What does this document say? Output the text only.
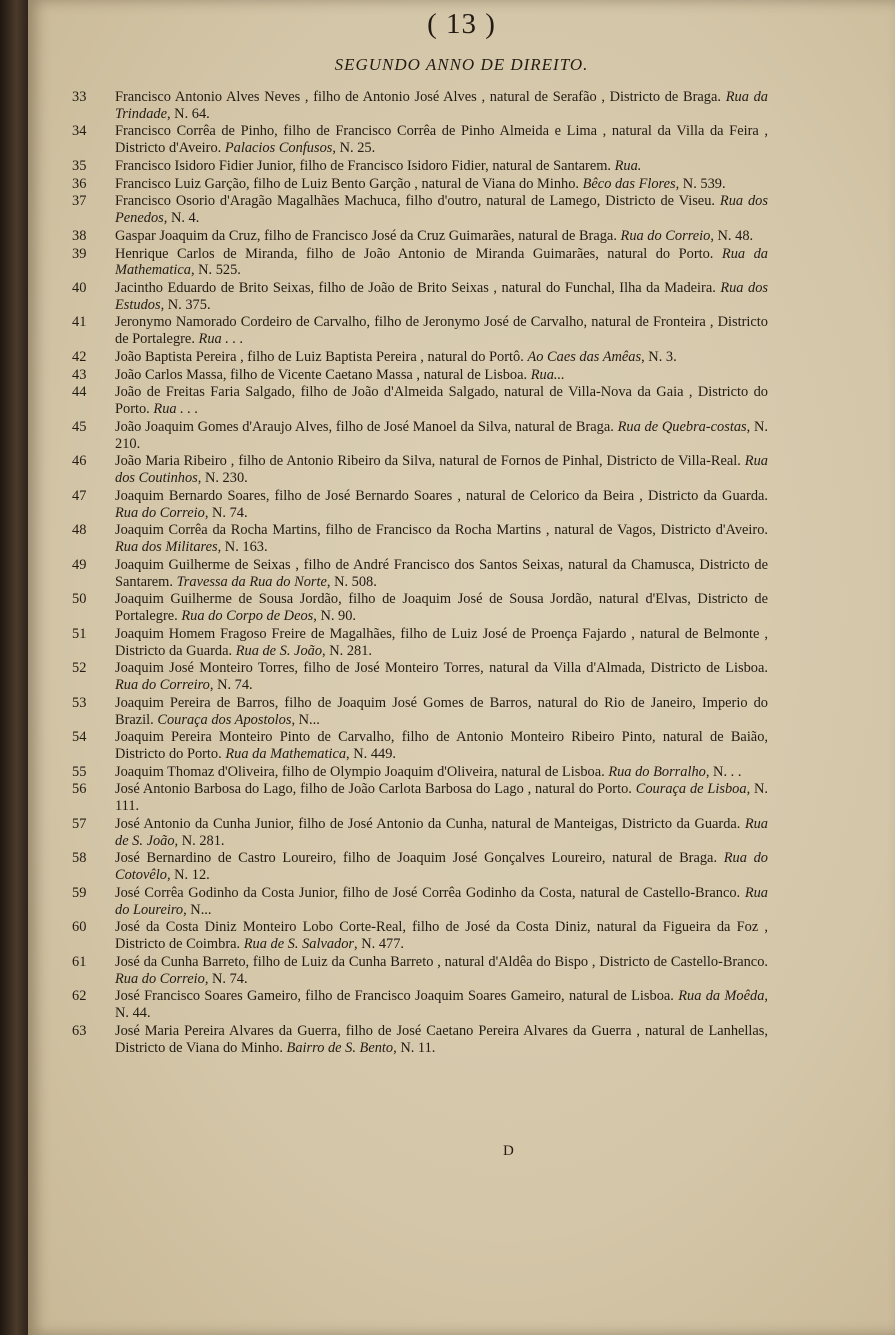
( 13 )
SEGUNDO ANNO DE DIREITO.
33	Francisco Antonio Alves Neves , filho de Antonio José Alves , natural de Serafão , Districto de Braga. Rua da Trindade, N. 64.
34	Francisco Corrêa de Pinho, filho de Francisco Corrêa de Pinho Almeida e Lima , natural da Villa da Feira , Districto d'Aveiro. Palacios Confusos, N. 25.
35	Francisco Isidoro Fidier Junior, filho de Francisco Isidoro Fidier, natural de Santarem. Rua.
36	Francisco Luiz Garção, filho de Luiz Bento Garção , natural de Viana do Minho. Bêco das Flores, N. 539.
37	Francisco Osorio d'Aragão Magalhães Machuca, filho d'outro, natural de Lamego, Districto de Viseu. Rua dos Penedos, N. 4.
38	Gaspar Joaquim da Cruz, filho de Francisco José da Cruz Guimarães, natural de Braga. Rua do Correio, N. 48.
39	Henrique Carlos de Miranda, filho de João Antonio de Miranda Guimarães, natural do Porto. Rua da Mathematica, N. 525.
40	Jacintho Eduardo de Brito Seixas, filho de João de Brito Seixas , natural do Funchal, Ilha da Madeira. Rua dos Estudos, N. 375.
41	Jeronymo Namorado Cordeiro de Carvalho, filho de Jeronymo José de Carvalho, natural de Fronteira , Districto de Portalegre. Rua . . .
42	João Baptista Pereira , filho de Luiz Baptista Pereira , natural do Portô. Ao Caes das Amêas, N. 3.
43	João Carlos Massa, filho de Vicente Caetano Massa , natural de Lisboa. Rua...
44	João de Freitas Faria Salgado, filho de João d'Almeida Salgado, natural de Villa-Nova da Gaia , Districto do Porto. Rua . . .
45	João Joaquim Gomes d'Araujo Alves, filho de José Manoel da Silva, natural de Braga. Rua de Quebra-costas, N. 210.
46	João Maria Ribeiro , filho de Antonio Ribeiro da Silva, natural de Fornos de Pinhal, Districto de Villa-Real. Rua dos Coutinhos, N. 230.
47	Joaquim Bernardo Soares, filho de José Bernardo Soares , natural de Celorico da Beira , Districto da Guarda. Rua do Correio, N. 74.
48	Joaquim Corrêa da Rocha Martins, filho de Francisco da Rocha Martins , natural de Vagos, Districto d'Aveiro. Rua dos Militares, N. 163.
49	Joaquim Guilherme de Seixas , filho de André Francisco dos Santos Seixas, natural da Chamusca, Districto de Santarem. Travessa da Rua do Norte, N. 508.
50	Joaquim Guilherme de Sousa Jordão, filho de Joaquim José de Sousa Jordão, natural d'Elvas, Districto de Portalegre. Rua do Corpo de Deos, N. 90.
51	Joaquim Homem Fragoso Freire de Magalhães, filho de Luiz José de Proença Fajardo , natural de Belmonte , Districto da Guarda. Rua de S. João, N. 281.
52	Joaquim José Monteiro Torres, filho de José Monteiro Torres, natural da Villa d'Almada, Districto de Lisboa. Rua do Correiro, N. 74.
53	Joaquim Pereira de Barros, filho de Joaquim José Gomes de Barros, natural do Rio de Janeiro, Imperio do Brazil. Couraça dos Apostolos, N...
54	Joaquim Pereira Monteiro Pinto de Carvalho, filho de Antonio Monteiro Ribeiro Pinto, natural de Baião, Districto do Porto. Rua da Mathematica, N. 449.
55	Joaquim Thomaz d'Oliveira, filho de Olympio Joaquim d'Oliveira, natural de Lisboa. Rua do Borralho, N. . .
56	José Antonio Barbosa do Lago, filho de João Carlota Barbosa do Lago , natural do Porto. Couraça de Lisboa, N. 111.
57	José Antonio da Cunha Junior, filho de José Antonio da Cunha, natural de Manteigas, Districto da Guarda. Rua de S. João, N. 281.
58	José Bernardino de Castro Loureiro, filho de Joaquim José Gonçalves Loureiro, natural de Braga. Rua do Cotovêlo, N. 12.
59	José Corrêa Godinho da Costa Junior, filho de José Corrêa Godinho da Costa, natural de Castello-Branco. Rua do Loureiro, N...
60	José da Costa Diniz Monteiro Lobo Corte-Real, filho de José da Costa Diniz, natural da Figueira da Foz , Districto de Coimbra. Rua de S. Salvador, N. 477.
61	José da Cunha Barreto, filho de Luiz da Cunha Barreto , natural d'Aldêa do Bispo , Districto de Castello-Branco. Rua do Correio, N. 74.
62	José Francisco Soares Gameiro, filho de Francisco Joaquim Soares Gameiro, natural de Lisboa. Rua da Moêda, N. 44.
63	José Maria Pereira Alvares da Guerra, filho de José Caetano Pereira Alvares da Guerra , natural de Lanhellas, Districto de Viana do Minho. Bairro de S. Bento, N. 11.
D
